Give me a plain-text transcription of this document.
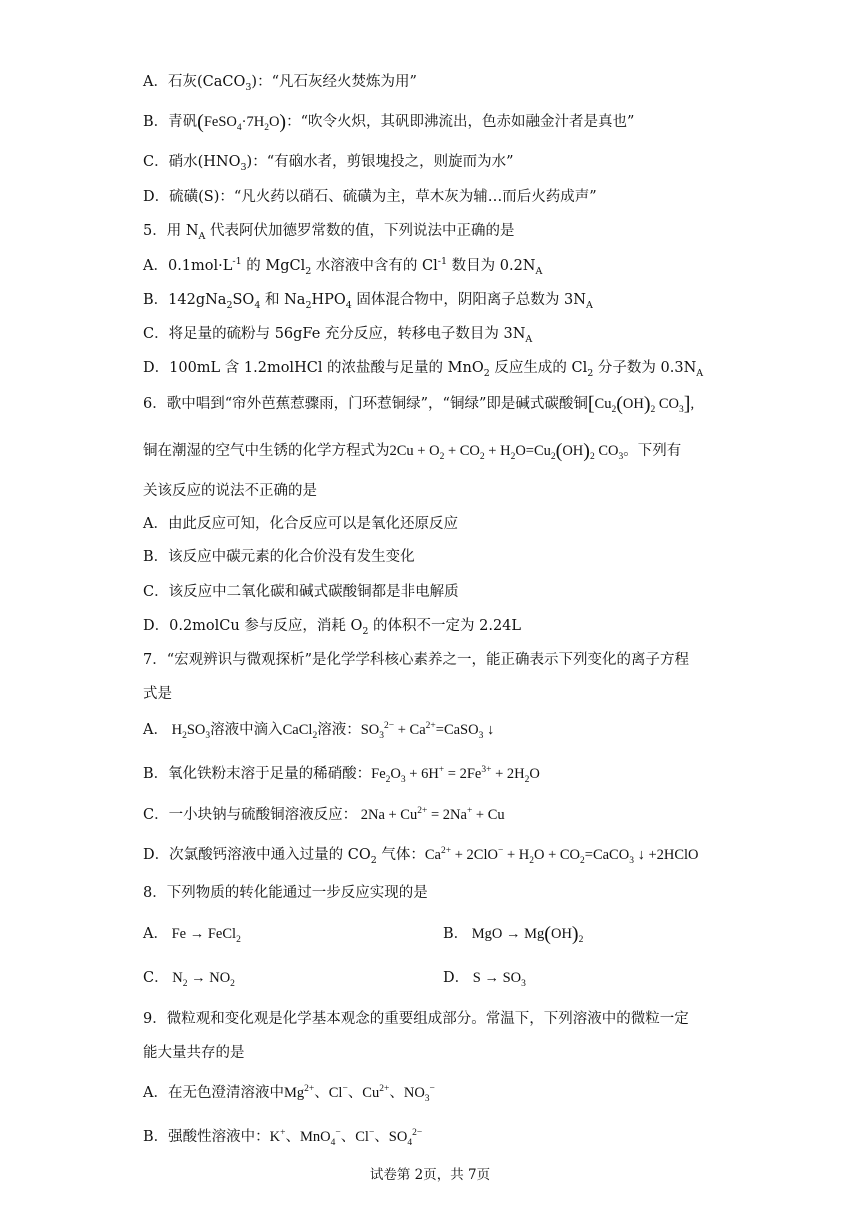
A．石灰(CaCO$_3$)：“凡石灰经火焚炼为用”
B．青矾$(FeSO_4\cdot 7H_2O)$：“吹令火炽，其矾即沸流出，色赤如融金汁者是真也”
C．硝水$(HNO_3)$：“有硇水者，剪银塊投之，则旋而为水”
D．硫磺(S)：“凡火药以硝石、硫磺为主，草木灰为辅…而后火药成声”
5．用 $N_A$ 代表阿伏加德罗常数的值，下列说法中正确的是
A．$0.1mol\cdot L^{-1}$ 的 MgCl$_2$ 水溶液中含有的 $Cl^{-1}$ 数目为 $0.2N_A$
B．$142gNa_2SO_4$ 和 $Na_2HPO_4$ 固体混合物中，阴阳离子总数为 $3N_A$
C．将足量的硫粉与 56gFe 充分反应，转移电子数目为 $3N_A$
D．100mL 含 1.2molHCl 的浓盐酸与足量的 MnO$_2$ 反应生成的 $Cl_2$ 分子数为 $0.3N_A$
6．歌中唱到“帘外芭蕉惹骤雨，门环惹铜绿”，“铜绿”即是碱式碳酸铜[$Cu_2(OH)_2$ $CO_3$],
铜在潮湿的空气中生锈的化学方程式为$2Cu + O_2 + CO_2 + H_2O=Cu_2(OH)_2$ $CO_3$。下列有
关该反应的说法不正确的是
A．由此反应可知，化合反应可以是氧化还原反应
B．该反应中碳元素的化合价没有发生变化
C．该反应中二氧化碳和碱式碳酸铜都是非电解质
D．0.2molCu 参与反应，消耗 $O_2$ 的体积不一定为 2.24L
7．“宏观辨识与微观探析”是化学学科核心素养之一，能正确表示下列变化的离子方程
式是
A． $H_2SO_3$溶液中滴入CaCl$_2$溶液：$SO_3^{2-}$ + $Ca^{2+}=CaSO_3$ ↓
B．氧化铁粉末溶于足量的稀硝酸：$Fe_2O_3 + 6H^+ = 2Fe^{3+} + 2H_2O$
C．一小块钠与硫酸铜溶液反应： $2Na + Cu^{2+} = 2Na^+ + Cu$
D．次氯酸钙溶液中通入过量的 $CO_2$ 气体：$Ca^{2+} + 2ClO^- + H_2O$ + $CO_2=CaCO_3$ ↓ +2HClO
8．下列物质的转化能通过一步反应实现的是
A． Fe → FeCl$_2$	B． MgO → $Mg(OH)_2$
C． $N_2 \to NO_2$	D． $S \to SO_3$
9．微粒观和变化观是化学基本观念的重要组成部分。常温下，下列溶液中的微粒一定
能大量共存的是
A．在无色澄清溶液中$Mg^{2+}$、Cl−、$Cu^{2+}$、$NO_3^-$
B．强酸性溶液中：K+、MnO$_4$−、Cl−、$SO_4^{2-}$
试卷第 2页，共 7页
